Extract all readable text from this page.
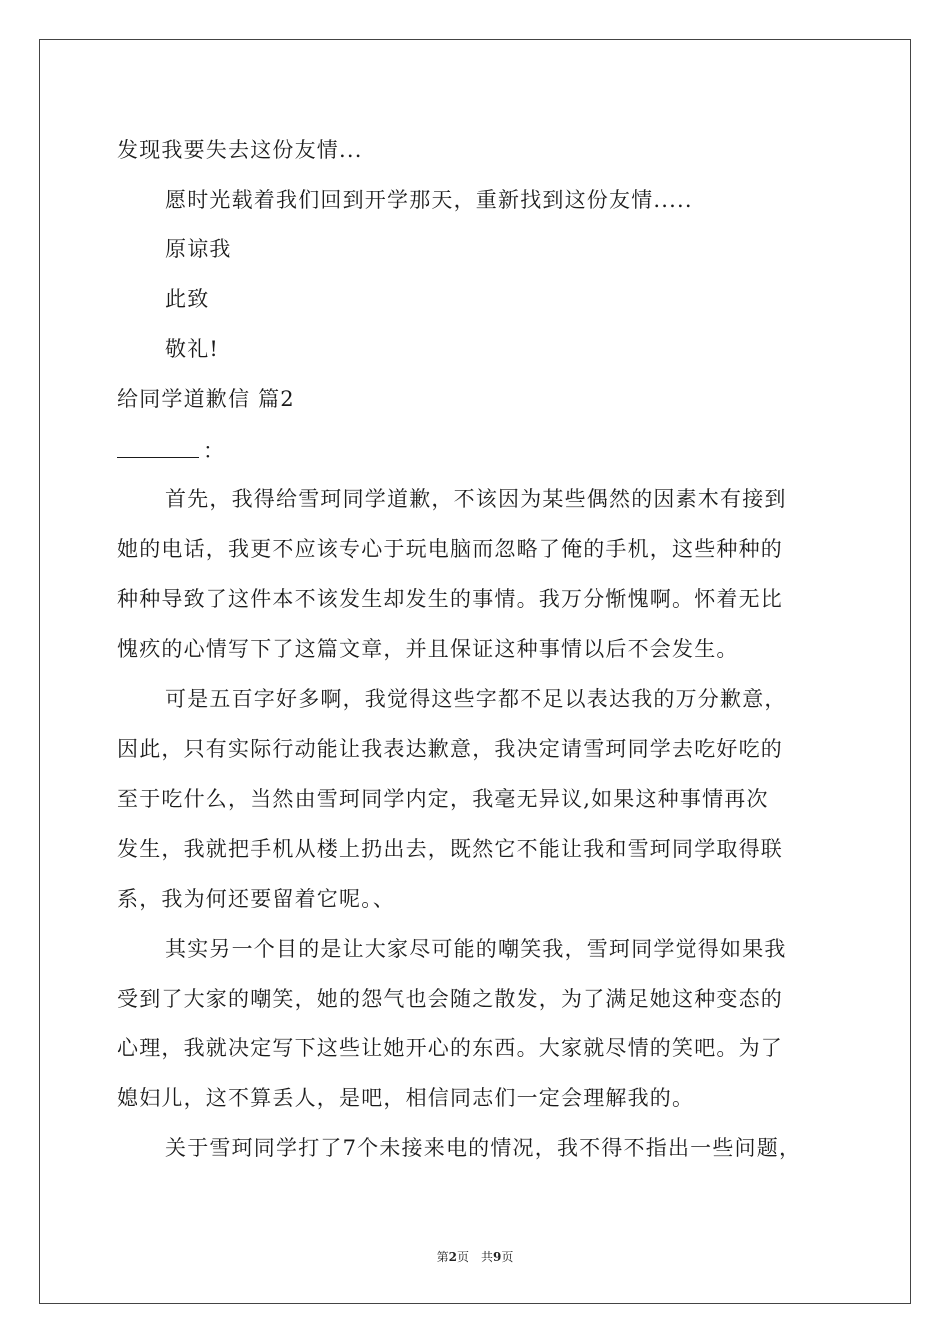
发现我要失去这份友情...
愿时光载着我们回到开学那天，重新找到这份友情.....
原谅我
此致
敬礼!
给同学道歉信 篇2
：
首先，我得给雪珂同学道歉，不该因为某些偶然的因素木有接到
她的电话，我更不应该专心于玩电脑而忽略了俺的手机，这些种种的
种种导致了这件本不该发生却发生的事情。我万分惭愧啊。怀着无比
愧疚的心情写下了这篇文章，并且保证这种事情以后不会发生。
可是五百字好多啊，我觉得这些字都不足以表达我的万分歉意，
因此，只有实际行动能让我表达歉意，我决定请雪珂同学去吃好吃的
至于吃什么，当然由雪珂同学内定，我毫无异议,如果这种事情再次
发生，我就把手机从楼上扔出去，既然它不能让我和雪珂同学取得联
系，我为何还要留着它呢。、
其实另一个目的是让大家尽可能的嘲笑我，雪珂同学觉得如果我
受到了大家的嘲笑，她的怨气也会随之散发，为了满足她这种变态的
心理，我就决定写下这些让她开心的东西。大家就尽情的笑吧。为了
媳妇儿，这不算丢人，是吧，相信同志们一定会理解我的。
关于雪珂同学打了7个未接来电的情况，我不得不指出一些问题，
第2页　共9页
